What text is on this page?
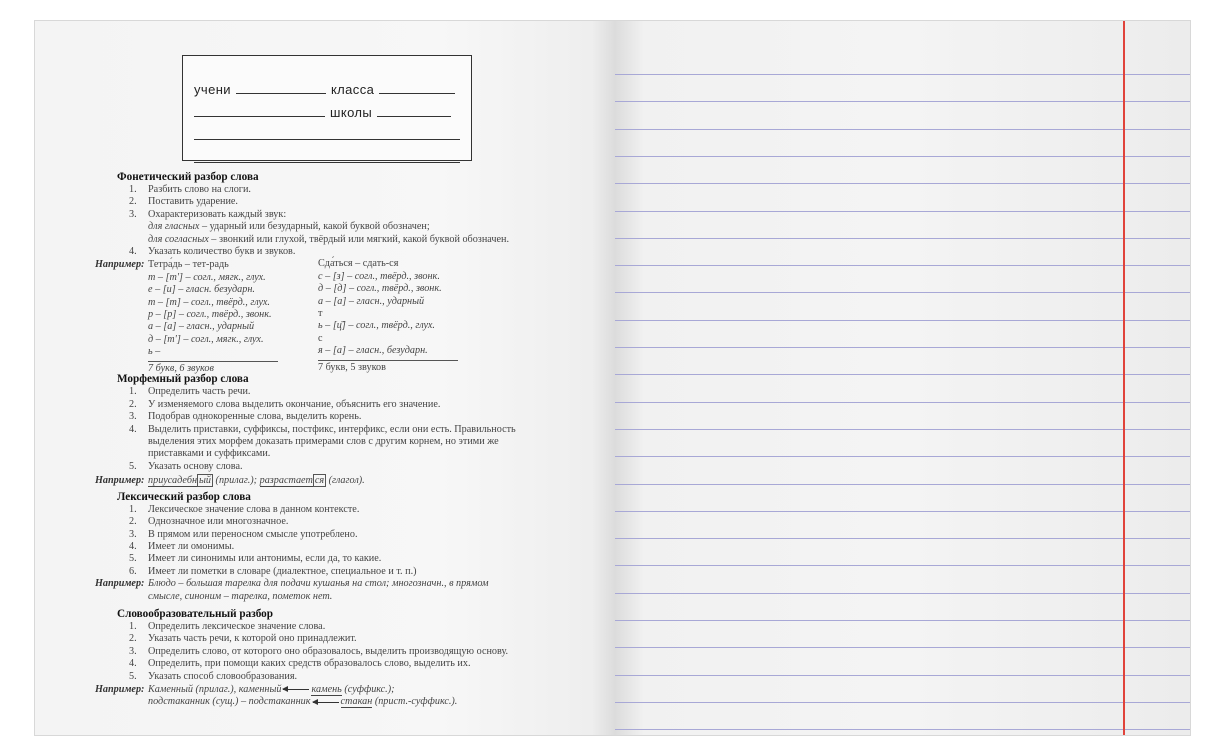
учени	класса
школы
Фонетический разбор слова
1. Разбить слово на слоги.
2. Поставить ударение.
3. Охарактеризовать каждый звук:
для гласных – ударный или безударный, какой буквой обозначен;
для согласных – звонкий или глухой, твёрдый или мягкий, какой буквой обозначен.
4. Указать количество букв и звуков.
Например: Тетра́дь – тет-радь
т – [т'] – согл., мягк., глух.
е – [и] – гласн. безударн.
т – [т] – согл., твёрд., глух.
р – [р] – согл., твёрд., звонк.
а – [а] – гласн., ударный
д – [т'] – согл., мягк., глух.
ь –
7 букв, 6 звуков
Сда́ться – сдать-ся
с – [з] – согл., твёрд., звонк.
д – [д] – согл., твёрд., звонк.
а – [а] – гласн., ударный
т
ь – [ц̄] – согл., твёрд., глух.
с
я – [а] – гласн., безударн.
7 букв, 5 звуков
Морфемный разбор слова
1. Определить часть речи.
2. У изменяемого слова выделить окончание, объяснить его значение.
3. Подобрав однокоренные слова, выделить корень.
4. Выделить приставки, суффиксы, постфикс, интерфикс, если они есть. Правильность выделения этих морфем доказать примерами слов с другим корнем, но этими же приставками и суффиксами.
5. Указать основу слова.
Например: приусадебн ый (прилаг.); разрастает ся (глагол).
Лексический разбор слова
1. Лексическое значение слова в данном контексте.
2. Однозначное или многозначное.
3. В прямом или переносном смысле употреблено.
4. Имеет ли омонимы.
5. Имеет ли синонимы или антонимы, если да, то какие.
6. Имеет ли пометки в словаре (диалектное, специальное и т. п.)
Например: Блюдо – большая тарелка для подачи кушанья на стол; многозначн., в прямом
смысле, синоним – тарелка, пометок нет.
Словообразовательный разбор
1. Определить лексическое значение слова.
2. Указать часть речи, к которой оно принадлежит.
3. Определить слово, от которого оно образовалось, выделить производящую основу.
4. Определить, при помощи каких средств образовалось слово, выделить их.
5. Указать способ словообразования.
Например: Каменный (прилаг.), каменный	камень (суффикс.);
подстаканник (сущ.) – подстаканник	стакан (прист.-суффикс.).
